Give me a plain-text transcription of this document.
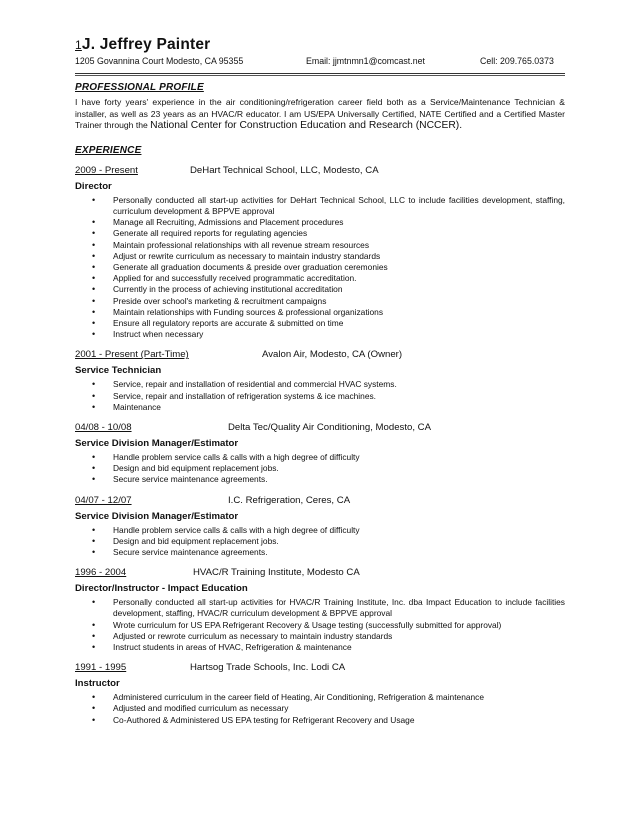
1J. Jeffrey Painter
1205 Govannina Court Modesto, CA 95355	Email: jjmtnmn1@comcast.net	Cell: 209.765.0373
PROFESSIONAL PROFILE
I have forty years' experience in the air conditioning/refrigeration career field both as a Service/Maintenance Technician & installer, as well as 23 years as an HVAC/R educator. I am US/EPA Universally Certified, NATE Certified and a Certified Master Trainer through the National Center for Construction Education and Research (NCCER).
EXPERIENCE
2009 - Present	DeHart Technical School, LLC, Modesto, CA
Director
• Personally conducted all start-up activities for DeHart Technical School, LLC to include facilities development, staffing, curriculum development & BPPVE approval
• Manage all Recruiting, Admissions and Placement procedures
• Generate all required reports for regulating agencies
• Maintain professional relationships with all revenue stream resources
• Adjust or rewrite curriculum as necessary to maintain industry standards
• Generate all graduation documents & preside over graduation ceremonies
• Applied for and successfully received programmatic accreditation.
• Currently in the process of achieving institutional accreditation
• Preside over school's marketing & recruitment campaigns
• Maintain relationships with Funding sources & professional organizations
• Ensure all regulatory reports are accurate & submitted on time
• Instruct when necessary
2001 - Present (Part-Time)	Avalon Air, Modesto, CA (Owner)
Service Technician
• Service, repair and installation of residential and commercial HVAC systems.
• Service, repair and installation of refrigeration systems & ice machines.
• Maintenance
04/08 - 10/08	Delta Tec/Quality Air Conditioning, Modesto, CA
Service Division Manager/Estimator
• Handle problem service calls & calls with a high degree of difficulty
• Design and bid equipment replacement jobs.
• Secure service maintenance agreements.
04/07 - 12/07	I.C. Refrigeration, Ceres, CA
Service Division Manager/Estimator
• Handle problem service calls & calls with a high degree of difficulty
• Design and bid equipment replacement jobs.
• Secure service maintenance agreements.
1996 - 2004	HVAC/R Training Institute, Modesto CA
Director/Instructor - Impact Education
• Personally conducted all start-up activities for HVAC/R Training Institute, Inc. dba Impact Education to include facilities development, staffing, HVAC/R curriculum development & BPPVE approval
• Wrote curriculum for US EPA Refrigerant Recovery & Usage testing (successfully submitted for approval)
• Adjusted or rewrote curriculum as necessary to maintain industry standards
• Instruct students in areas of HVAC, Refrigeration & maintenance
1991 - 1995	Hartsog Trade Schools, Inc. Lodi CA
Instructor
• Administered curriculum in the career field of Heating, Air Conditioning, Refrigeration & maintenance
• Adjusted and modified curriculum as necessary
• Co-Authored & Administered US EPA testing for Refrigerant Recovery and Usage
